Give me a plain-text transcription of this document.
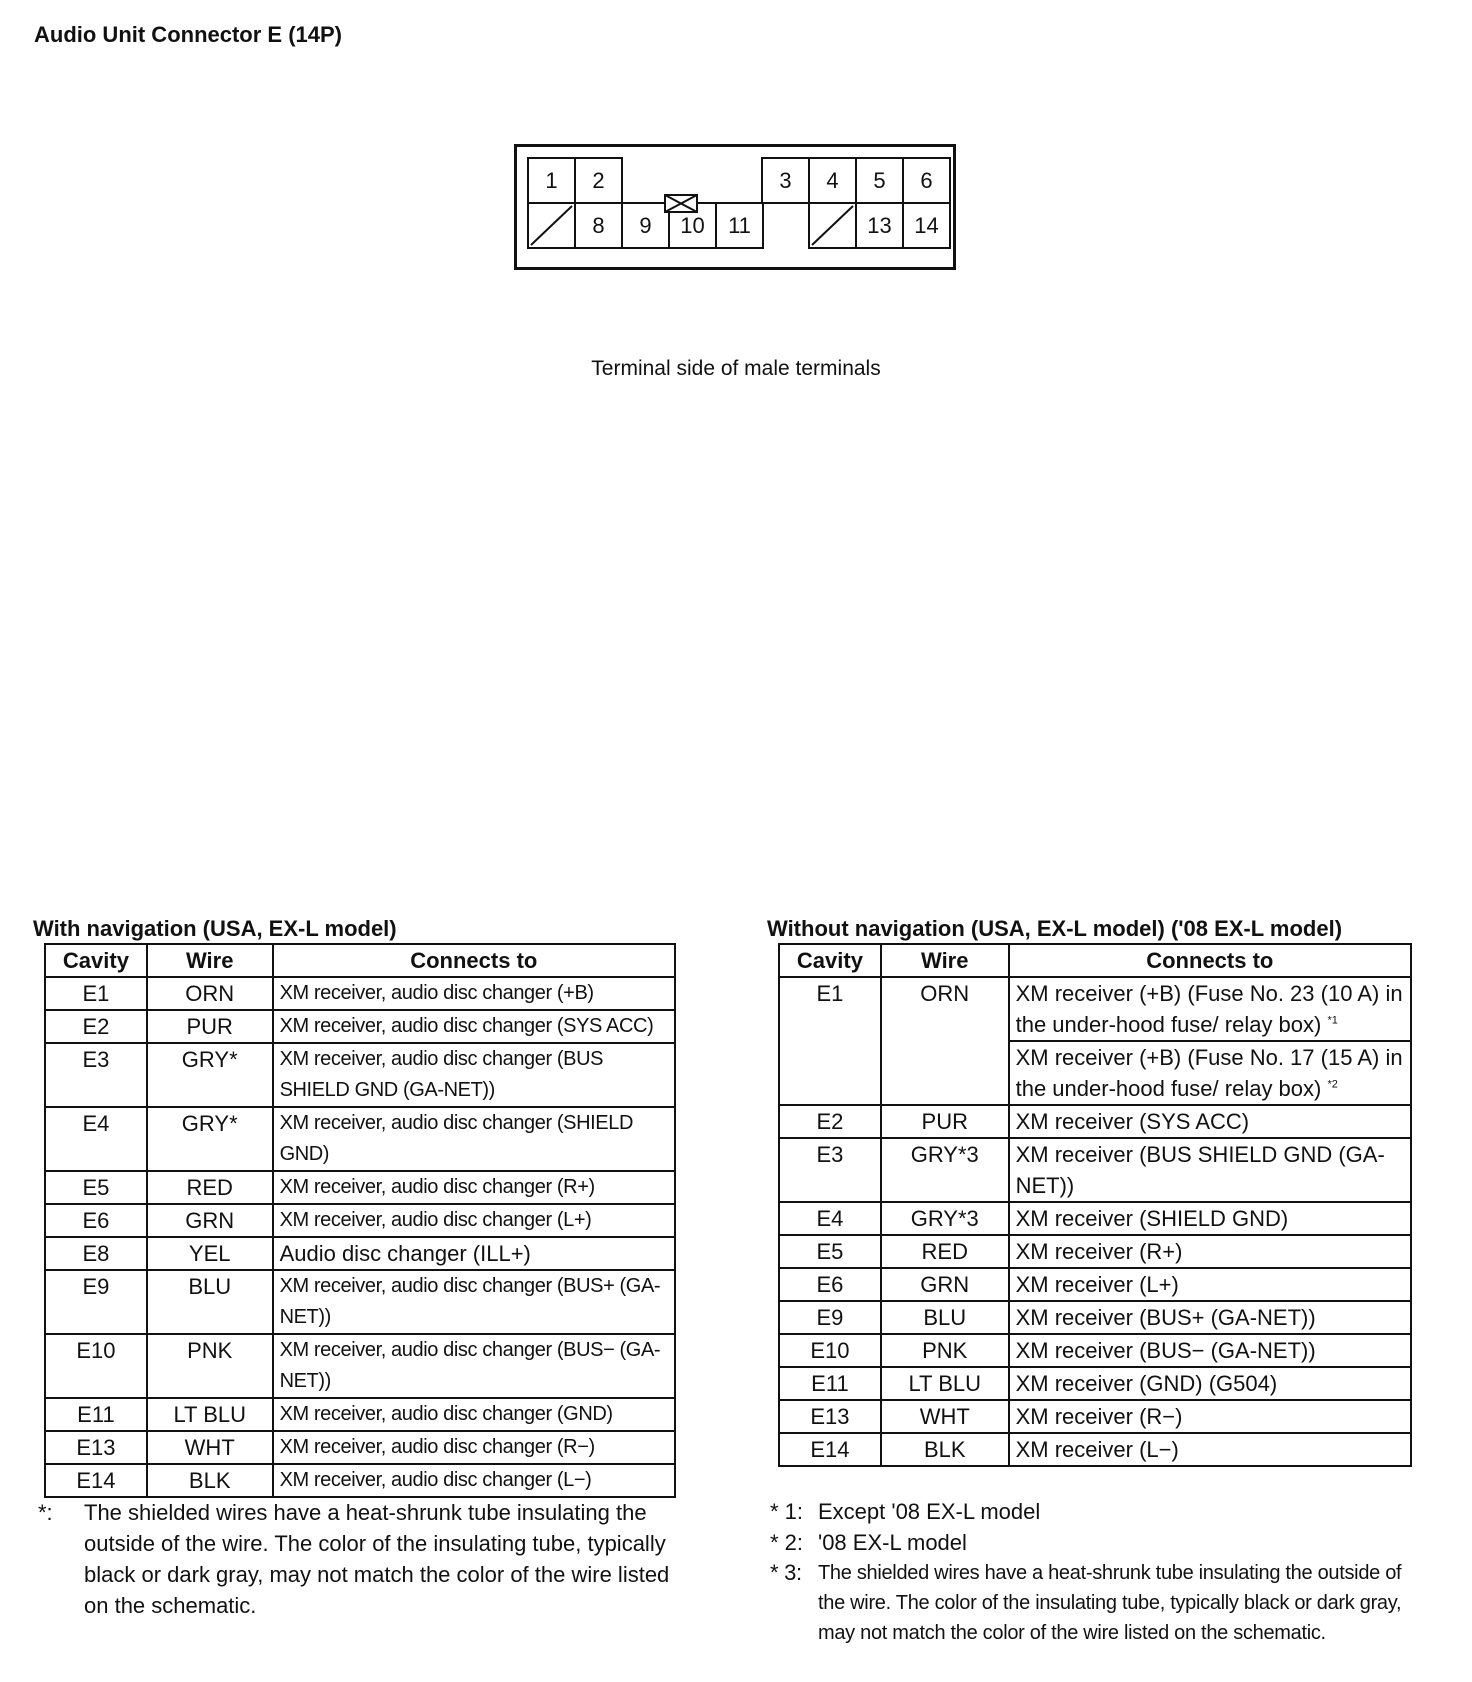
Audio Unit Connector E (14P)
1	2	3	4	5	6
8	9	10	11	13	14
Terminal side of male terminals
With navigation (USA, EX-L model)
Cavity	Wire	Connects to
E1	ORN	XM receiver, audio disc changer (+B)
E2	PUR	XM receiver, audio disc changer (SYS ACC)
E3	GRY*	XM receiver, audio disc changer (BUS SHIELD GND (GA-NET))
E4	GRY*	XM receiver, audio disc changer (SHIELD GND)
E5	RED	XM receiver, audio disc changer (R+)
E6	GRN	XM receiver, audio disc changer (L+)
E8	YEL	Audio disc changer (ILL+)
E9	BLU	XM receiver, audio disc changer (BUS+ (GA-NET))
E10	PNK	XM receiver, audio disc changer (BUS− (GA-NET))
E11	LT BLU	XM receiver, audio disc changer (GND)
E13	WHT	XM receiver, audio disc changer (R−)
E14	BLK	XM receiver, audio disc changer (L−)
*: The shielded wires have a heat-shrunk tube insulating the outside of the wire. The color of the insulating tube, typically black or dark gray, may not match the color of the wire listed on the schematic.
Without navigation (USA, EX-L model) ('08 EX-L model)
Cavity	Wire	Connects to
E1	ORN	XM receiver (+B) (Fuse No. 23 (10 A) in the under-hood fuse/ relay box) $^{*1}$
		XM receiver (+B) (Fuse No. 17 (15 A) in the under-hood fuse/ relay box) $^{*2}$
E2	PUR	XM receiver (SYS ACC)
E3	GRY*3	XM receiver (BUS SHIELD GND (GA-NET))
E4	GRY*3	XM receiver (SHIELD GND)
E5	RED	XM receiver (R+)
E6	GRN	XM receiver (L+)
E9	BLU	XM receiver (BUS+ (GA-NET))
E10	PNK	XM receiver (BUS− (GA-NET))
E11	LT BLU	XM receiver (GND) (G504)
E13	WHT	XM receiver (R−)
E14	BLK	XM receiver (L−)
* 1: Except '08 EX-L model
* 2: '08 EX-L model
* 3: The shielded wires have a heat-shrunk tube insulating the outside of the wire. The color of the insulating tube, typically black or dark gray, may not match the color of the wire listed on the schematic.
